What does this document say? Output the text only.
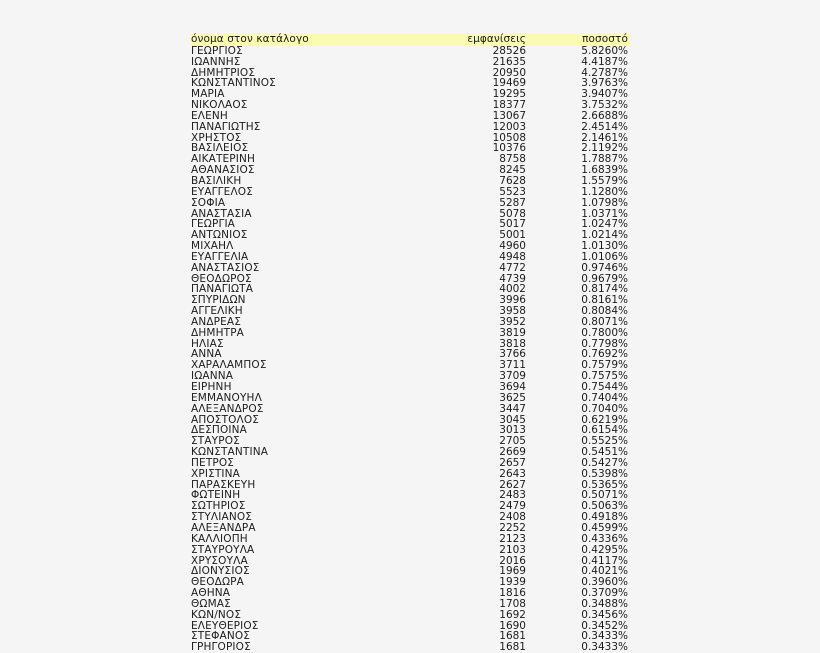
όνομα στον κατάλογο	εμφανίσεις	ποσοστό
ΓΕΩΡΓΙΟΣ	28526	5.8260%
ΙΩΑΝΝΗΣ	21635	4.4187%
ΔΗΜΗΤΡΙΟΣ	20950	4.2787%
ΚΩΝΣΤΑΝΤΙΝΟΣ	19469	3.9763%
ΜΑΡΙΑ	19295	3.9407%
ΝΙΚΟΛΑΟΣ	18377	3.7532%
ΕΛΕΝΗ	13067	2.6688%
ΠΑΝΑΓΙΩΤΗΣ	12003	2.4514%
ΧΡΗΣΤΟΣ	10508	2.1461%
ΒΑΣΙΛΕΙΟΣ	10376	2.1192%
ΑΙΚΑΤΕΡΙΝΗ	8758	1.7887%
ΑΘΑΝΑΣΙΟΣ	8245	1.6839%
ΒΑΣΙΛΙΚΗ	7628	1.5579%
ΕΥΑΓΓΕΛΟΣ	5523	1.1280%
ΣΟΦΙΑ	5287	1.0798%
ΑΝΑΣΤΑΣΙΑ	5078	1.0371%
ΓΕΩΡΓΙΑ	5017	1.0247%
ΑΝΤΩΝΙΟΣ	5001	1.0214%
ΜΙΧΑΗΛ	4960	1.0130%
ΕΥΑΓΓΕΛΙΑ	4948	1.0106%
ΑΝΑΣΤΑΣΙΟΣ	4772	0.9746%
ΘΕΟΔΩΡΟΣ	4739	0.9679%
ΠΑΝΑΓΙΩΤΑ	4002	0.8174%
ΣΠΥΡΙΔΩΝ	3996	0.8161%
ΑΓΓΕΛΙΚΗ	3958	0.8084%
ΑΝΔΡΕΑΣ	3952	0.8071%
ΔΗΜΗΤΡΑ	3819	0.7800%
ΗΛΙΑΣ	3818	0.7798%
ΑΝΝΑ	3766	0.7692%
ΧΑΡΑΛΑΜΠΟΣ	3711	0.7579%
ΙΩΑΝΝΑ	3709	0.7575%
ΕΙΡΗΝΗ	3694	0.7544%
ΕΜΜΑΝΟΥΗΛ	3625	0.7404%
ΑΛΕΞΑΝΔΡΟΣ	3447	0.7040%
ΑΠΟΣΤΟΛΟΣ	3045	0.6219%
ΔΕΣΠΟΙΝΑ	3013	0.6154%
ΣΤΑΥΡΟΣ	2705	0.5525%
ΚΩΝΣΤΑΝΤΙΝΑ	2669	0.5451%
ΠΕΤΡΟΣ	2657	0.5427%
ΧΡΙΣΤΙΝΑ	2643	0.5398%
ΠΑΡΑΣΚΕΥΗ	2627	0.5365%
ΦΩΤΕΙΝΗ	2483	0.5071%
ΣΩΤΗΡΙΟΣ	2479	0.5063%
ΣΤΥΛΙΑΝΟΣ	2408	0.4918%
ΑΛΕΞΑΝΔΡΑ	2252	0.4599%
ΚΑΛΛΙΟΠΗ	2123	0.4336%
ΣΤΑΥΡΟΥΛΑ	2103	0.4295%
ΧΡΥΣΟΥΛΑ	2016	0.4117%
ΔΙΟΝΥΣΙΟΣ	1969	0.4021%
ΘΕΟΔΩΡΑ	1939	0.3960%
ΑΘΗΝΑ	1816	0.3709%
ΘΩΜΑΣ	1708	0.3488%
ΚΩΝ/ΝΟΣ	1692	0.3456%
ΕΛΕΥΘΕΡΙΟΣ	1690	0.3452%
ΣΤΕΦΑΝΟΣ	1681	0.3433%
ΓΡΗΓΟΡΙΟΣ	1681	0.3433%
